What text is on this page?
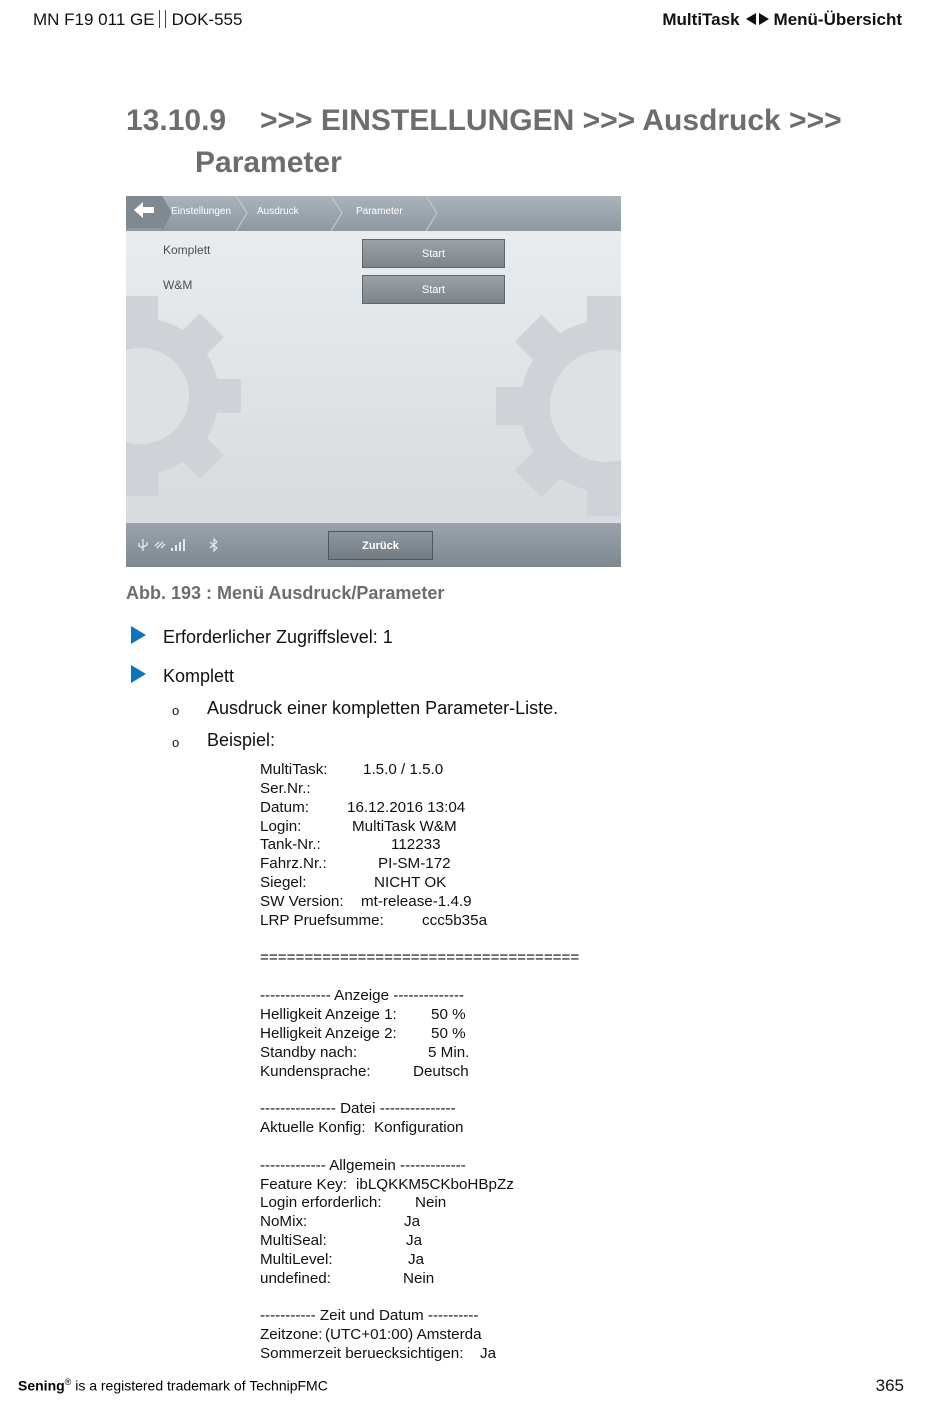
MN F19 011 GE DOK-555	MultiTask Menü-Übersicht
13.10.9 >>> EINSTELLUNGEN >>> Ausdruck >>>
Parameter
Einstellungen	Ausdruck	Parameter
Komplett	Start
W&M	Start
Zurück
Abb. 193 : Menü Ausdruck/Parameter
Erforderlicher Zugriffslevel: 1
Komplett
o Ausdruck einer kompletten Parameter-Liste.
o Beispiel:
MultiTask: 1.5.0 / 1.5.0
Ser.Nr.:
Datum:	16.12.2016 13:04
Login:	MultiTask W&M
Tank-Nr.:	112233
Fahrz.Nr.:	PI-SM-172
Siegel:	NICHT OK
SW Version: mt-release-1.4.9
LRP Pruefsumme:	ccc5b35a
====================================
-------------- Anzeige --------------
Helligkeit Anzeige 1: 50 %
Helligkeit Anzeige 2: 50 %
Standby nach:	5 Min.
Kundensprache:	Deutsch
--------------- Datei ---------------
Aktuelle Konfig: Konfiguration
------------- Allgemein -------------
Feature Key: ibLQKKM5CKboHBpZz
Login erforderlich: Nein
NoMix:	Ja
MultiSeal:	Ja
MultiLevel:	Ja
undefined:	Nein
----------- Zeit und Datum ----------
Zeitzone: (UTC+01:00) Amsterda
Sommerzeit beruecksichtigen: Ja
Sening® is a registered trademark of TechnipFMC	365
